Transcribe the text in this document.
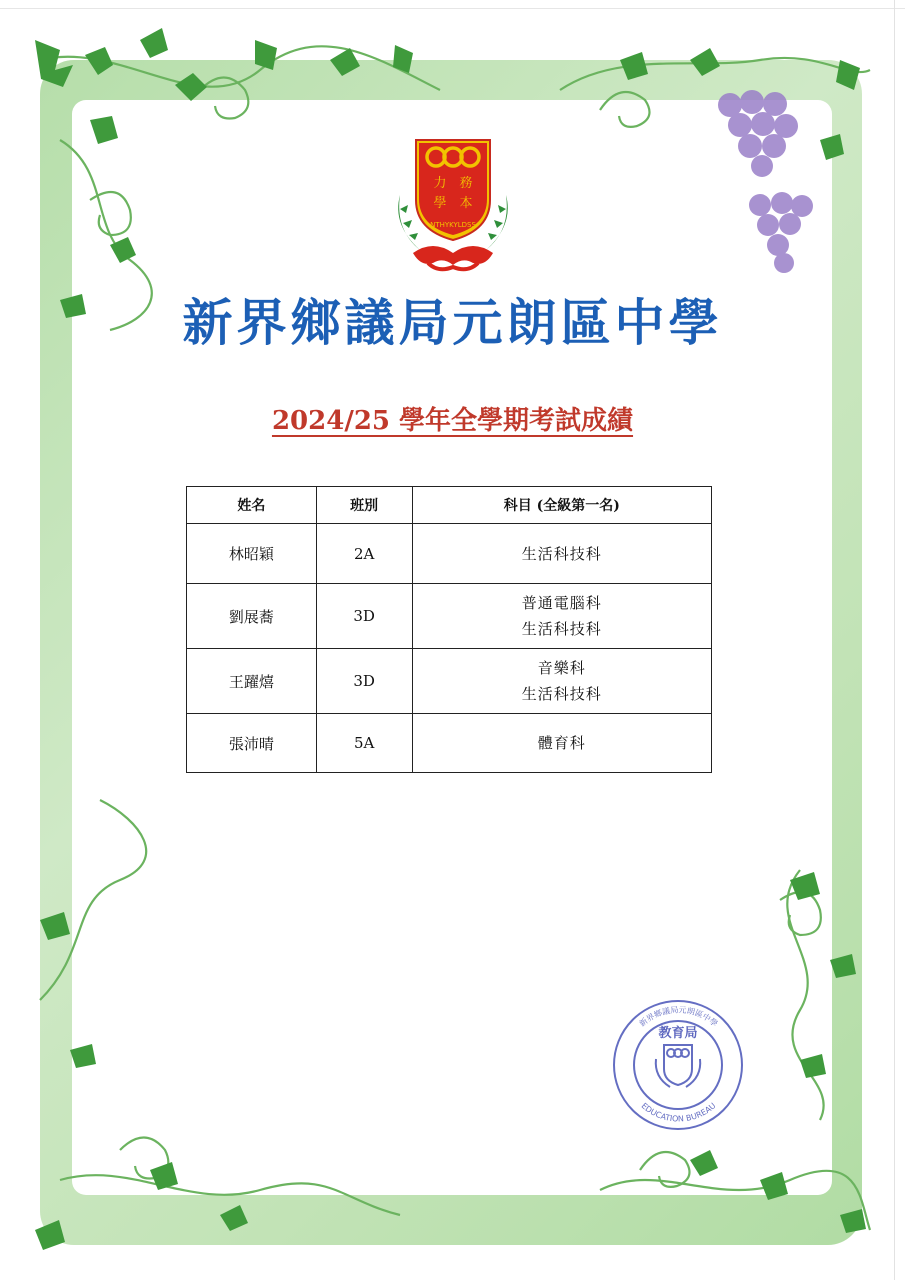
力 務
學 本
NTHYKYLDSS
新界鄉議局元朗區中學
2024/25 學年全學期考試成績
姓名	班別	科目 (全級第一名)
林昭穎	2A	生活科技科

劉展蕎	3D	普通電腦科
生活科技科

王躍熺	3D	音樂科
生活科技科

張沛晴	5A	體育科
新界鄉議局元朗區中學
EDUCATION BUREAU
教育局
